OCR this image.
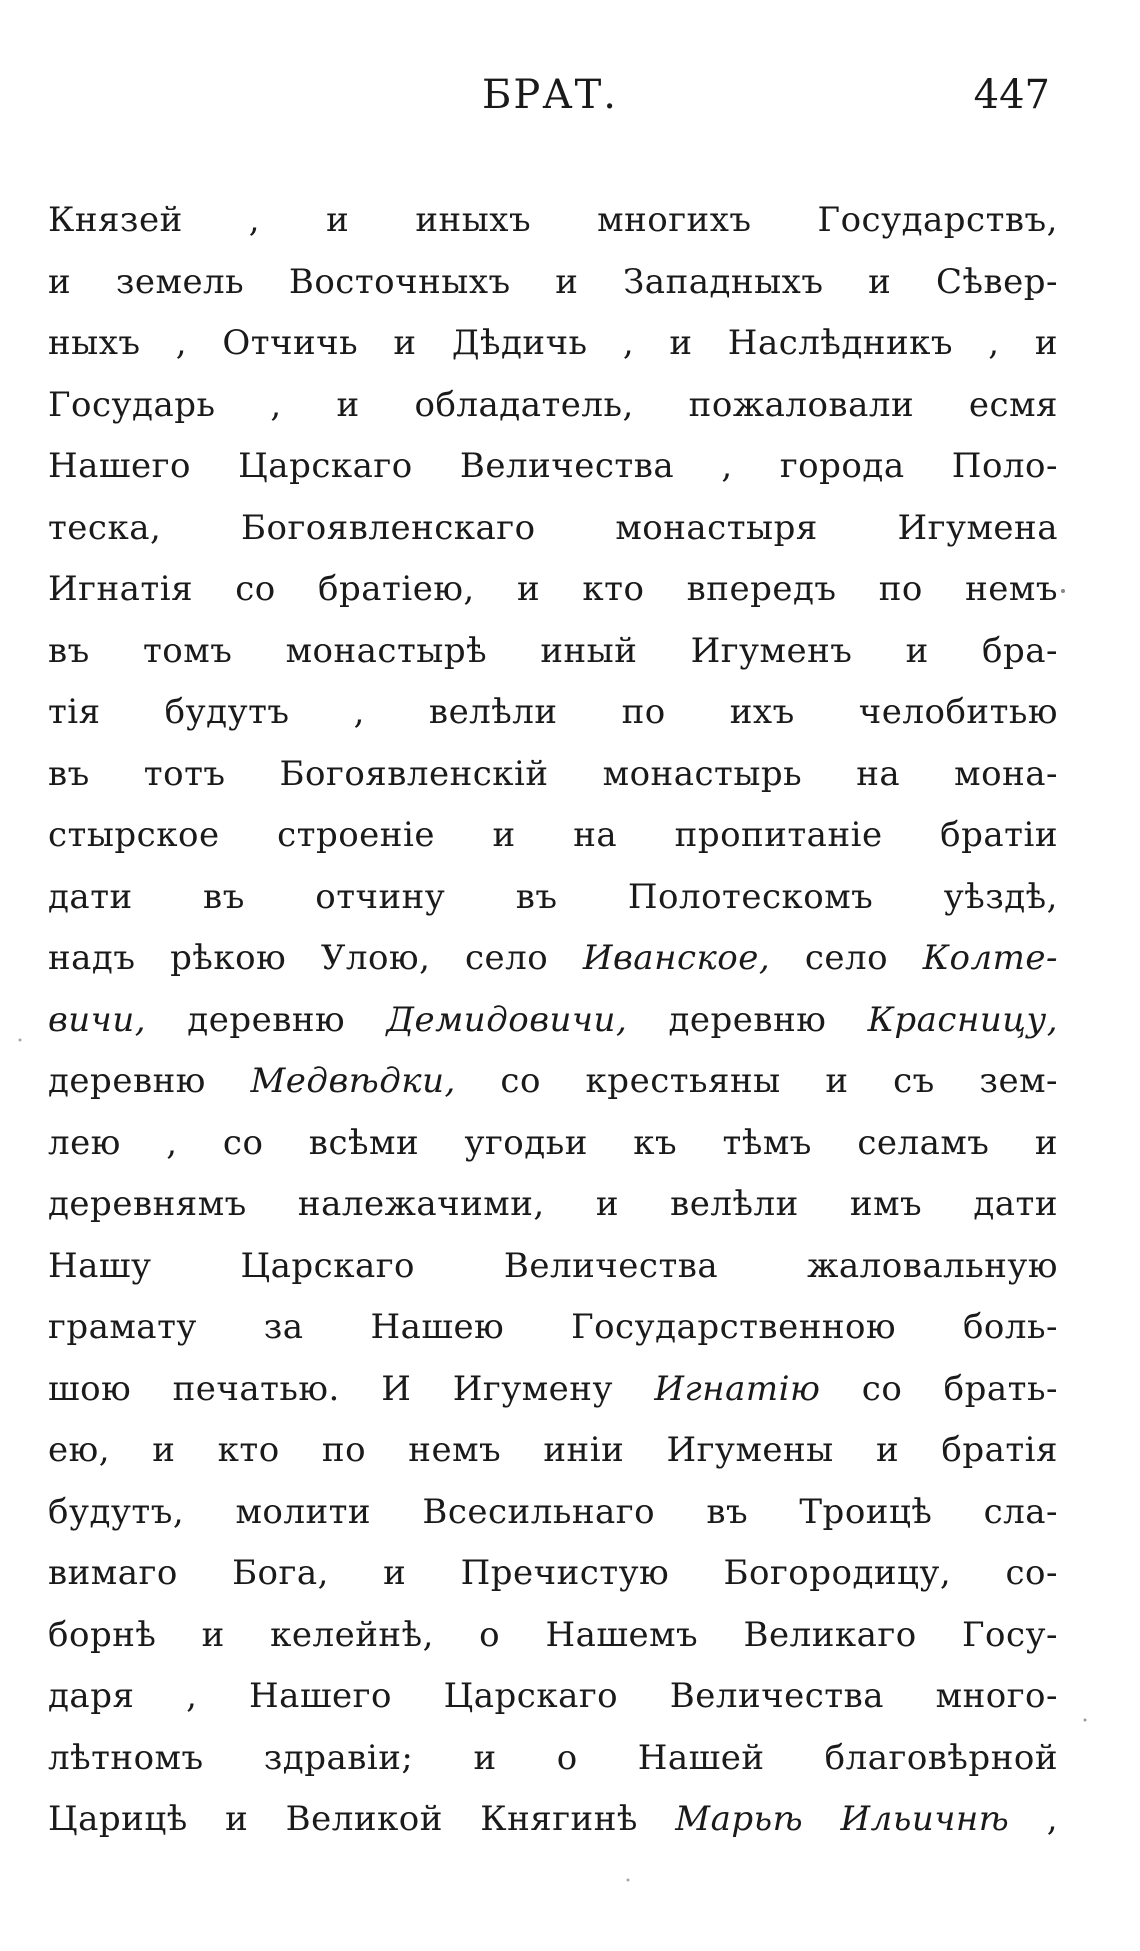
БРАТ.	447
Князей , и иныхъ многихъ Государствъ,
и земель Восточныхъ и Западныхъ и Сѣвер-
ныхъ , Отчичь и Дѣдичь , и Наслѣдникъ , и
Государь , и обладатель, пожаловали есмя
Нашего Царскаго Величества , города Поло-
теска, Богоявленскаго монастыря Игумена
Игнатія со братіею, и кто впередъ по немъ
въ томъ монастырѣ иный Игуменъ и бра-
тія будутъ , велѣли по ихъ челобитью
въ тотъ Богоявленскій монастырь на мона-
стырское строеніе и на пропитаніе братіи
дати въ отчину въ Полотескомъ уѣздѣ,
надъ рѣкою Улою, село Иванское, село Колте-
вичи, деревню Демидовичи, деревню Красницу,
деревню Медвѣдки, со крестьяны и съ зем-
лею , со всѣми угодьи къ тѣмъ селамъ и
деревнямъ належачими, и велѣли имъ дати
Нашу Царскаго Величества жаловальную
грамату за Нашею Государственною боль-
шою печатью. И Игумену Игнатію со брать-
ею, и кто по немъ иніи Игумены и братія
будутъ, молити Всесильнаго въ Троицѣ сла-
вимаго Бога, и Пречистую Богородицу, со-
борнѣ и келейнѣ, о Нашемъ Великаго Госу-
даря , Нашего Царскаго Величества много-
лѣтномъ здравіи; и о Нашей благовѣрной
Царицѣ и Великой Княгинѣ Марьѣ Ильичнѣ ,
